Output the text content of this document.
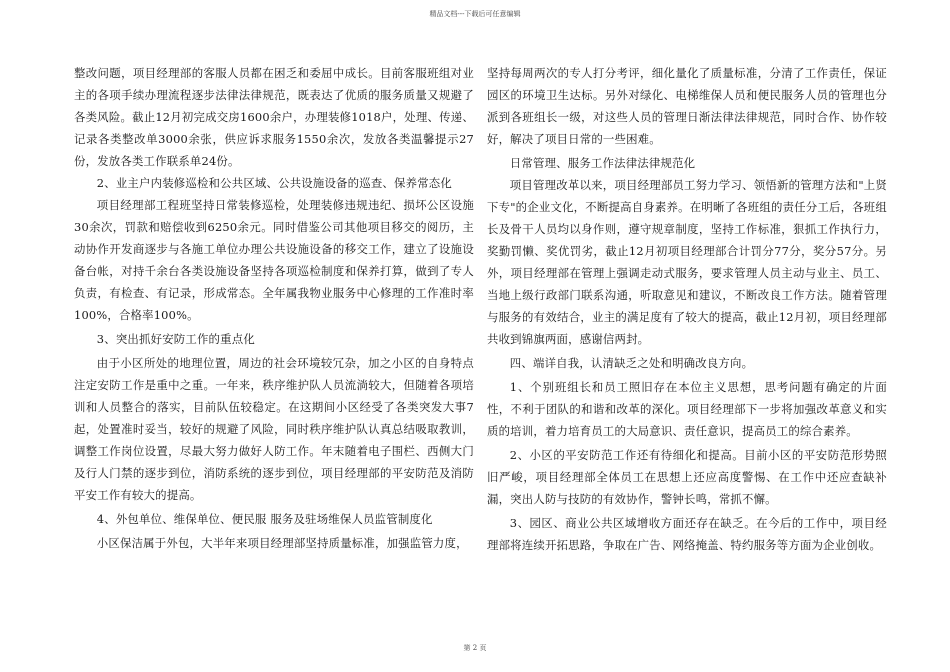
精品文档---下载后可任意编辑

整改问题，项目经理部的客服人员都在困乏和委屈中成长。目前客服班组对业主的各项手续办理流程逐步法律法律规范，既表达了优质的服务质量又规避了各类风险。截止12月初完成交房1600余户，办理装修1018户，处理、传递、记录各类整改单3000余张，供应诉求服务1550余次，发放各类温馨提示27份，发放各类工作联系单24份。

2、业主户内装修巡检和公共区域、公共设施设备的巡查、保养常态化

项目经理部工程班坚持日常装修巡检，处理装修违规违纪、损坏公区设施30余次，罚款和赔偿收到6250余元。同时借鉴公司其他项目移交的阅历，主动协作开发商逐步与各施工单位办理公共设施设备的移交工作，建立了设施设备台帐，对持千余台各类设施设备坚持各项巡检制度和保养打算，做到了专人负责，有检查、有记录，形成常态。全年属我物业服务中心修理的工作准时率100%，合格率100%。

3、突出抓好安防工作的重点化

由于小区所处的地理位置，周边的社会环境较冗杂，加之小区的自身特点注定安防工作是重中之重。一年来，秩序维护队人员流淌较大，但随着各项培训和人员整合的落实，目前队伍较稳定。在这期间小区经受了各类突发大事7起，处置准时妥当，较好的规避了风险，同时秩序维护队认真总结吸取教训，调整工作岗位设置，尽最大努力做好人防工作。年末随着电子围栏、西侧大门及行人门禁的逐步到位，消防系统的逐步到位，项目经理部的平安防范及消防平安工作有较大的提高。

4、外包单位、维保单位、便民服 服务及驻场维保人员监管制度化

小区保洁属于外包，大半年来项目经理部坚持质量标准，加强监管力度，

坚持每周两次的专人打分考评，细化量化了质量标准，分清了工作责任，保证园区的环境卫生达标。另外对绿化、电梯维保人员和便民服务人员的管理也分派到各班组长一级，对这些人员的管理日渐法律法律规范，同时合作、协作较好，解决了项目日常的一些困难。

日常管理、服务工作法律法律规范化

项目管理改革以来，项目经理部员工努力学习、领悟新的管理方法和"上贤下专"的企业文化，不断提高自身素养。在明晰了各班组的责任分工后，各班组长及骨干人员均以身作则，遵守规章制度，坚持工作标准，狠抓工作执行力，奖勤罚懒、奖优罚劣，截止12月初项目经理部合计罚分77分，奖分57分。另外，项目经理部在管理上强调走动式服务，要求管理人员主动与业主、员工、当地上级行政部门联系沟通，听取意见和建议，不断改良工作方法。随着管理与服务的有效结合，业主的满足度有了较大的提高，截止12月初，项目经理部共收到锦旗两面，感谢信两封。

四、端详自我，认清缺乏之处和明确改良方向。

1、个别班组长和员工照旧存在本位主义思想，思考问题有确定的片面性，不利于团队的和谐和改革的深化。项目经理部下一步将加强改革意义和实质的培训，着力培育员工的大局意识、责任意识，提高员工的综合素养。

2、小区的平安防范工作还有待细化和提高。目前小区的平安防范形势照旧严峻，项目经理部全体员工在思想上还应高度警惕、在工作中还应查缺补漏，突出人防与技防的有效协作，警钟长鸣，常抓不懈。

3、园区、商业公共区域增收方面还存在缺乏。在今后的工作中，项目经理部将连续开拓思路，争取在广告、网络掩盖、特约服务等方面为企业创收。

第 2 页
